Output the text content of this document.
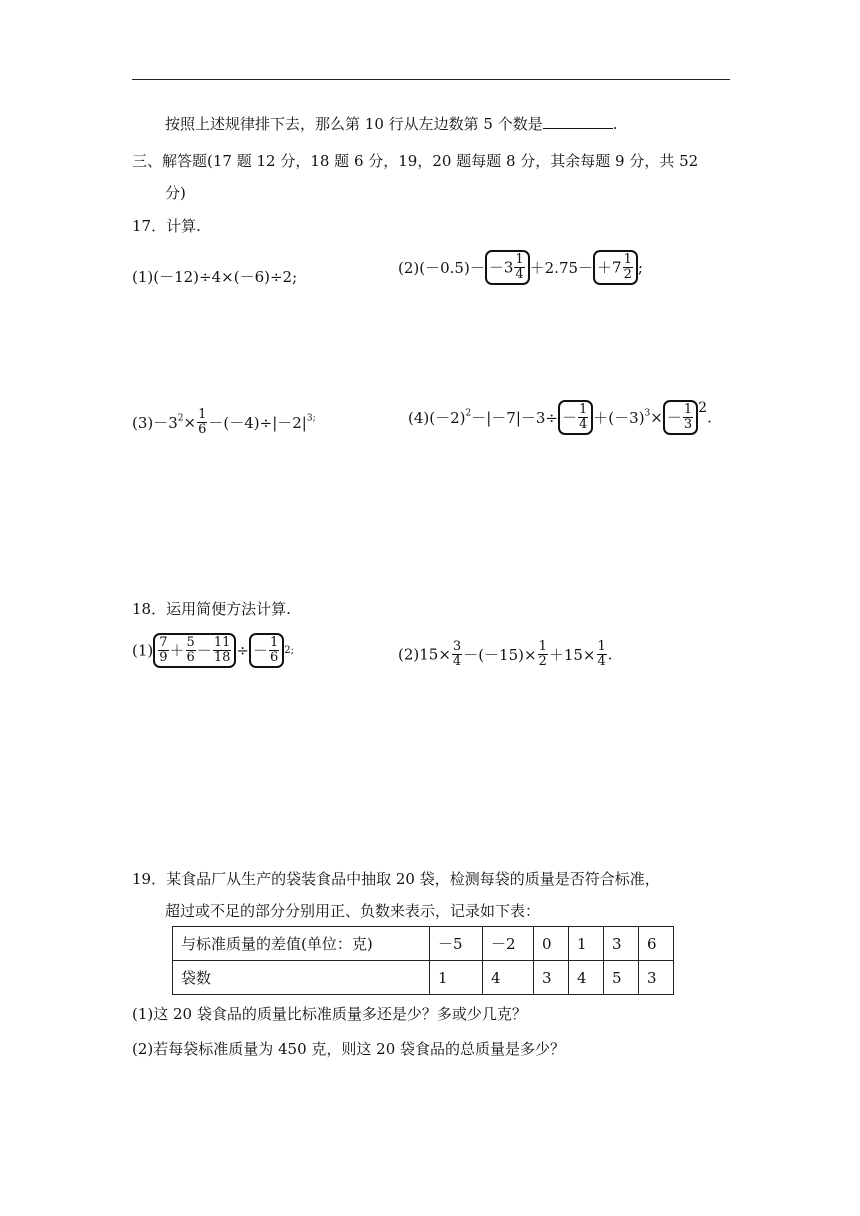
按照上述规律排下去，那么第 10 行从左边数第 5 个数是	.
三、解答题(17 题 12 分，18 题 6 分，19，20 题每题 8 分，其余每题 9 分，共 52
分)
17．计算.
(1)(－12)÷4×(－6)÷2;	$(2)(-0.5)- -3 \frac{1}{4} +2.75- +7 \frac{1}{2}$ ;
$(3)-3^2\times \frac{1}{6} -(-4)\div|-2|^{3;}$	$(4)(-2)^2-|-7|-3\div - \frac{1}{4} +(-3)^3\times - \frac{1}{3} 2$.
18．运用简便方法计算.
$(1) \frac{7}{9} + \frac{5}{6} - \frac{11}{18}$ ÷ － $\frac{1}{6} 2$;	$(2)15\times \frac{3}{4} -(-15)\times \frac{1}{2} +15\times \frac{1}{4}$ .
19．某食品厂从生产的袋装食品中抽取 20 袋，检测每袋的质量是否符合标准，
超过或不足的部分分别用正、负数来表示，记录如下表：
与标准质量的差值(单位：克)	－5	－2	0	1	3	6
袋数	1	4	3	4	5	3
(1)这 20 袋食品的质量比标准质量多还是少？多或少几克？
(2)若每袋标准质量为 450 克，则这 20 袋食品的总质量是多少？
